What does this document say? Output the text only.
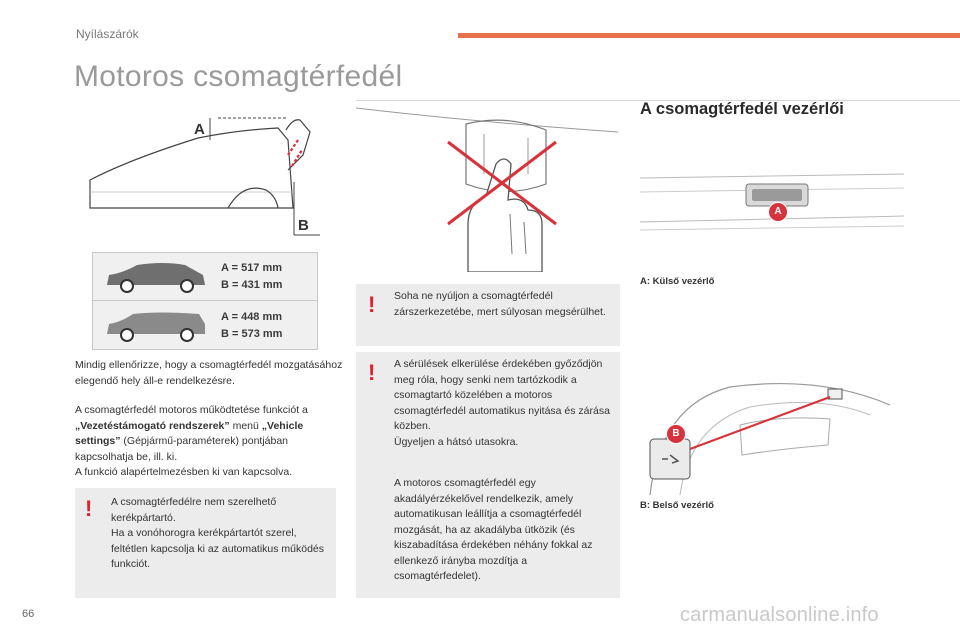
Nyílászárók
Motoros csomagtérfedél
A
B
A = 517 mm
B = 431 mm
A = 448 mm
B = 573 mm
Mindig ellenőrizze, hogy a csomagtérfedél mozgatásához elegendő hely áll-e rendelkezésre.
A csomagtérfedél motoros működtetése funkciót a „Vezetéstámogató rendszerek” menü „Vehicle settings” (Gépjármű-paraméterek) pontjában kapcsolhatja be, ill. ki.
A funkció alapértelmezésben ki van kapcsolva.
! A csomagtérfedélre nem szerelhető kerékpártartó.
Ha a vonóhorogra kerékpártartót szerel, feltétlen kapcsolja ki az automatikus működés funkciót.
! Soha ne nyúljon a csomagtérfedél zárszerkezetébe, mert súlyosan megsérülhet.
! A sérülések elkerülése érdekében győződjön meg róla, hogy senki nem tartózkodik a csomagtartó közelében a motoros csomagtérfedél automatikus nyitása és zárása közben.
Ügyeljen a hátsó utasokra.
A motoros csomagtérfedél egy akadályérzékelővel rendelkezik, amely automatikusan leállítja a csomagtérfedél mozgását, ha az akadályba ütközik (és kiszabadítása érdekében néhány fokkal az ellenkező irányba mozdítja a csomagtérfedelet).
A csomagtérfedél vezérlői
A
A: Külső vezérlő
B
B: Belső vezérlő
66	carmanualsonline.info
